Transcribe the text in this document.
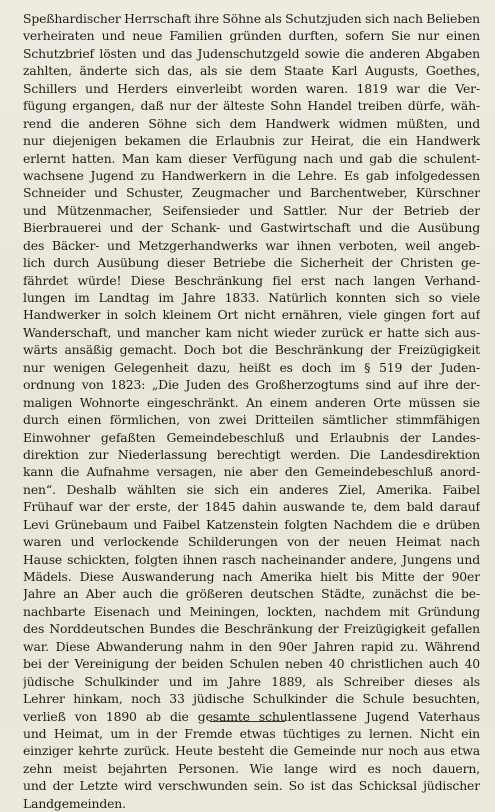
Speßhardischer Herrschaft ihre Söhne als Schutzjuden sich nach Belieben
verheiraten und neue Familien gründen durften, sofern Sie nur einen
Schutzbrief lösten und das Judenschutzgeld sowie die anderen Abgaben
zahlten, änderte sich das, als sie dem Staate Karl Augusts, Goethes,
Schillers und Herders einverleibt worden waren. 1819 war die Ver-
fügung ergangen, daß nur der älteste Sohn Handel treiben dürfe, wäh-
rend die anderen Söhne sich dem Handwerk widmen müßten, und
nur diejenigen bekamen die Erlaubnis zur Heirat, die ein Handwerk
erlernt hatten. Man kam dieser Verfügung nach und gab die schulent-
wachsene Jugend zu Handwerkern in die Lehre. Es gab infolgedessen
Schneider und Schuster, Zeugmacher und Barchentweber, Kürschner
und Mützenmacher, Seifensieder und Sattler. Nur der Betrieb der
Bierbrauerei und der Schank- und Gastwirtschaft und die Ausübung
des Bäcker- und Metzgerhandwerks war ihnen verboten, weil angeb-
lich durch Ausübung dieser Betriebe die Sicherheit der Christen ge-
fährdet würde! Diese Beschränkung fiel erst nach langen Verhand-
lungen im Landtag im Jahre 1833. Natürlich konnten sich so viele
Handwerker in solch kleinem Ort nicht ernähren, viele gingen fort auf
Wanderschaft, und mancher kam nicht wieder zurück er hatte sich aus-
wärts ansäßig gemacht. Doch bot die Beschränkung der Freizügigkeit
nur wenigen Gelegenheit dazu, heißt es doch im § 519 der Juden-
ordnung von 1823: „Die Juden des Großherzogtums sind auf ihre der-
maligen Wohnorte eingeschränkt. An einem anderen Orte müssen sie
durch einen förmlichen, von zwei Dritteilen sämtlicher stimmfähigen
Einwohner gefaßten Gemeindebeschluß und Erlaubnis der Landes-
direktion zur Niederlassung berechtigt werden. Die Landesdirektion
kann die Aufnahme versagen, nie aber den Gemeindebeschluß anord-
nen“. Deshalb wählten sie sich ein anderes Ziel, Amerika. Faibel
Frühauf war der erste, der 1845 dahin auswande te, dem bald darauf
Levi Grünebaum und Faibel Katzenstein folgten Nachdem die e drüben
waren und verlockende Schilderungen von der neuen Heimat nach
Hause schickten, folgten ihnen rasch nacheinander andere, Jungens und
Mädels. Diese Auswanderung nach Amerika hielt bis Mitte der 90er
Jahre an Aber auch die größeren deutschen Städte, zunächst die be-
nachbarte Eisenach und Meiningen, lockten, nachdem mit Gründung
des Norddeutschen Bundes die Beschränkung der Freizügigkeit gefallen
war. Diese Abwanderung nahm in den 90er Jahren rapid zu. Während
bei der Vereinigung der beiden Schulen neben 40 christlichen auch 40
jüdische Schulkinder und im Jahre 1889, als Schreiber dieses als
Lehrer hinkam, noch 33 jüdische Schulkinder die Schule besuchten,
verließ von 1890 ab die gesamte schulentlassene Jugend Vaterhaus
und Heimat, um in der Fremde etwas tüchtiges zu lernen. Nicht ein
einziger kehrte zurück. Heute besteht die Gemeinde nur noch aus etwa
zehn meist bejahrten Personen. Wie lange wird es noch dauern,
und der Letzte wird verschwunden sein. So ist das Schicksal jüdischer
Landgemeinden.
